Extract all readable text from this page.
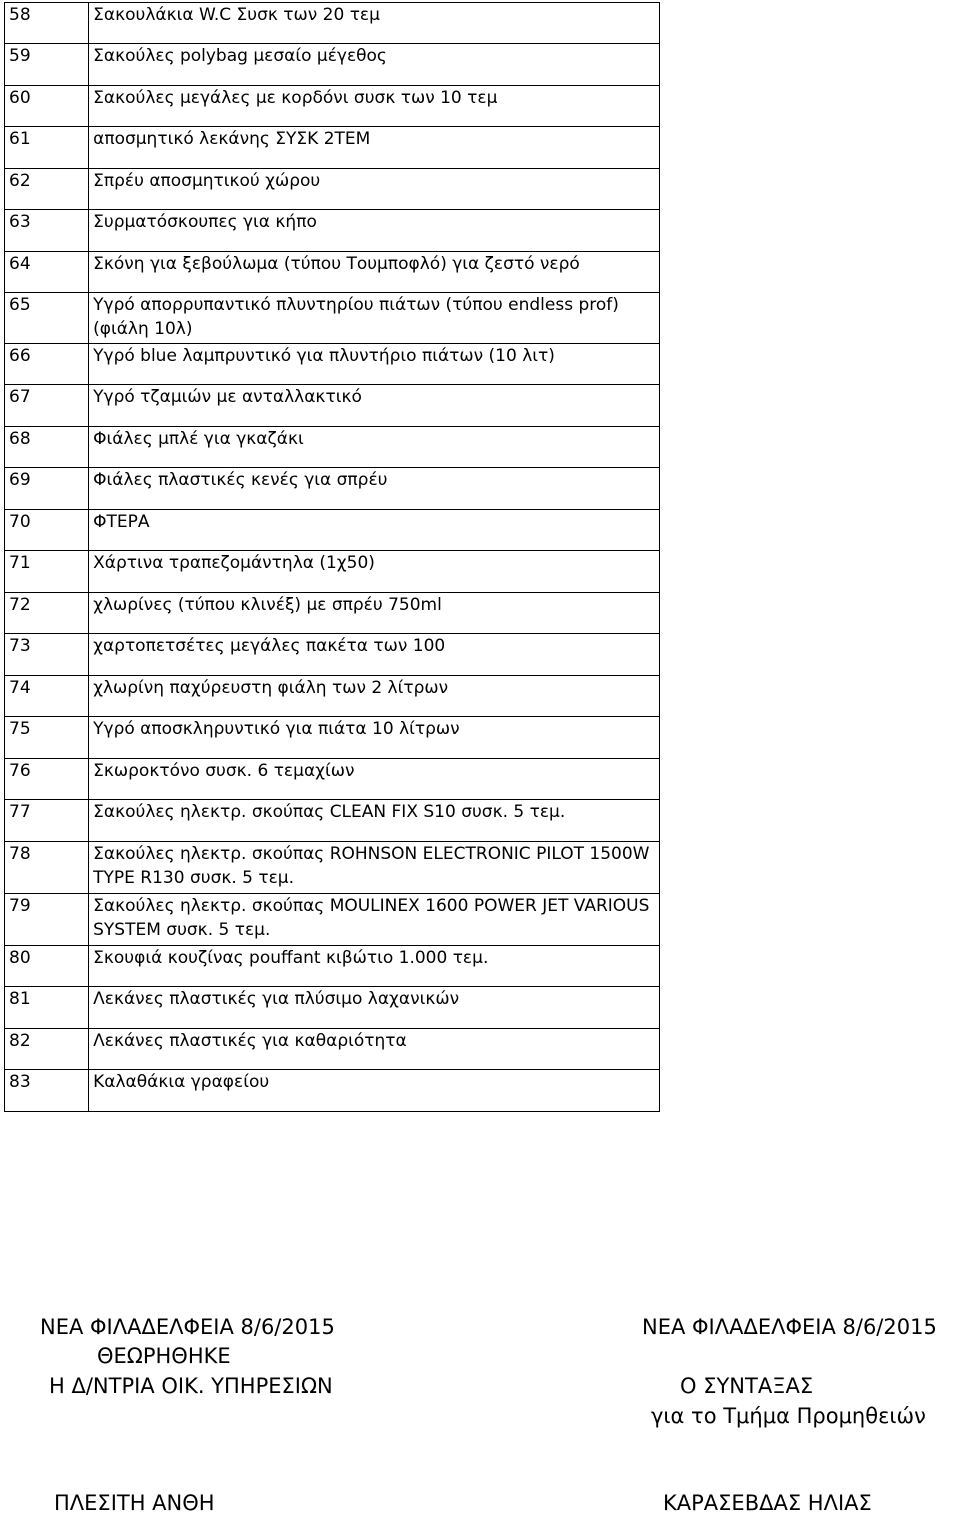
58	Σακουλάκια W.C Συσκ των 20 τεμ
59	Σακούλες polybag μεσαίο μέγεθος
60	Σακούλες μεγάλες με κορδόνι συσκ των 10 τεμ
61	αποσμητικό λεκάνης ΣΥΣΚ 2ΤΕΜ
62	Σπρέυ αποσμητικού χώρου
63	Συρματόσκουπες για κήπο
64	Σκόνη για ξεβούλωμα (τύπου Τουμποφλό) για ζεστό νερό
65	Υγρό απορρυπαντικό πλυντηρίου πιάτων (τύπου endless prof) (φιάλη 10λ)
66	Υγρό blue λαμπρυντικό για πλυντήριο πιάτων (10 λιτ)
67	Υγρό τζαμιών με ανταλλακτικό
68	Φιάλες μπλέ για γκαζάκι
69	Φιάλες πλαστικές κενές για σπρέυ
70	ΦΤΕΡΑ
71	Χάρτινα τραπεζομάντηλα (1χ50)
72	χλωρίνες (τύπου κλινέξ) με σπρέυ 750ml
73	χαρτοπετσέτες μεγάλες πακέτα των 100
74	χλωρίνη παχύρευστη φιάλη των 2 λίτρων
75	Υγρό αποσκληρυντικό για πιάτα 10 λίτρων
76	Σκωροκτόνο συσκ. 6 τεμαχίων
77	Σακούλες ηλεκτρ. σκούπας CLEAN FIX S10 συσκ. 5 τεμ.
78	Σακούλες ηλεκτρ. σκούπας ROHNSON ELECTRONIC PILOT 1500W TYPE R130 συσκ. 5 τεμ.
79	Σακούλες ηλεκτρ. σκούπας MOULINEX 1600 POWER JET VARIOUS SYSTEM συσκ. 5 τεμ.
80	Σκουφιά κουζίνας pouffant κιβώτιο 1.000 τεμ.
81	Λεκάνες πλαστικές για πλύσιμο λαχανικών
82	Λεκάνες πλαστικές για καθαριότητα
83	Καλαθάκια γραφείου
ΝΕΑ ΦΙΛΑΔΕΛΦΕΙΑ 8/6/2015
ΘΕΩΡΗΘΗΚΕ
Η Δ/ΝΤΡΙΑ ΟΙΚ. ΥΠΗΡΕΣΙΩΝ
ΠΛΕΣΙΤΗ ΑΝΘΗ
ΝΕΑ ΦΙΛΑΔΕΛΦΕΙΑ 8/6/2015
Ο ΣΥΝΤΑΞΑΣ
για το Τμήμα Προμηθειών
ΚΑΡΑΣΕΒΔΑΣ ΗΛΙΑΣ
